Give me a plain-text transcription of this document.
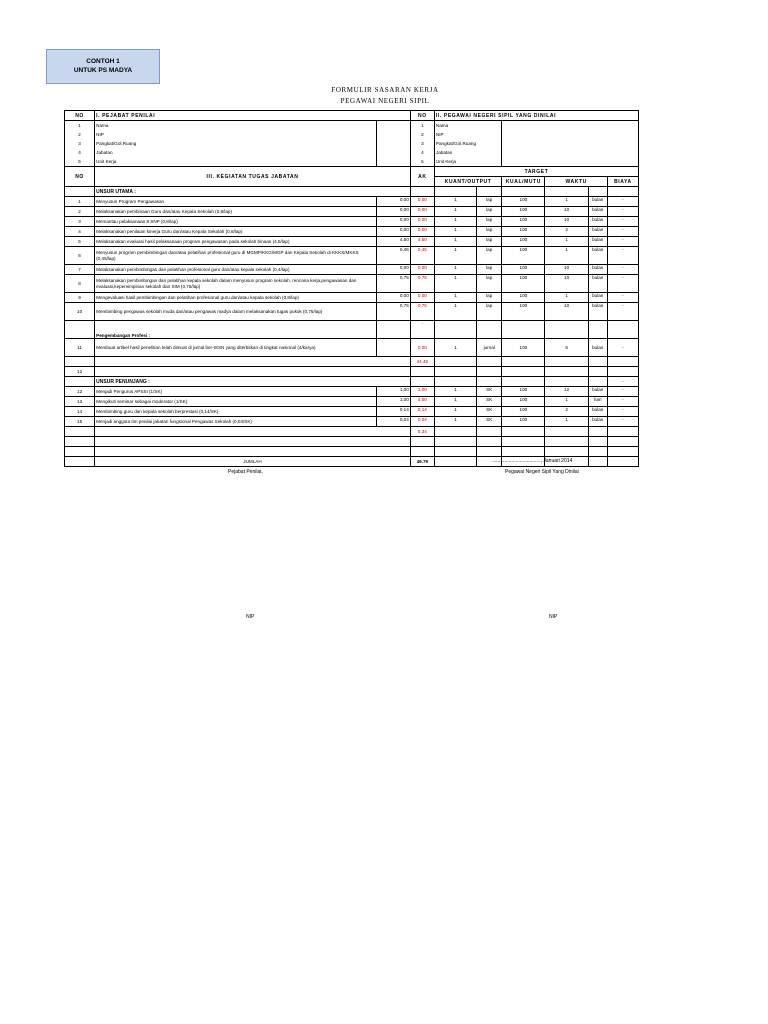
CONTOH 1
UNTUK PS MADYA
FORMULIR SASARAN KERJA
PEGAWAI NEGERI SIPIL
NO	I. PEJABAT PENILAI		NO	II. PEGAWAI NEGERI SIPIL YANG DINILAI					
1	Nama		1	Nama					
2	NIP		2	NIP					
3	Pangkat/Gol.Ruang		3	Pangkat/Gol.Ruang					
4	Jabatan		4	Jabatan					
5	Unit Kerja		5	Unit Kerja					
NO	III. KEGIATAN TUGAS JABATAN		AK	TARGET					
				KUANT/OUTPUT		KUAL/MUTU	WAKTU		BIAYA
	UNSUR UTAMA :								
1	Menyusun Program Pengawasan	0,00	0,00	1	lap	100	1	bulan	-
2	Melaksanakan pembinaan Guru dan/atau Kepala Sekolah (0,8/lap)	0,00	0,00	1	lap	100	10	bulan	-
3	Memantau pelaksanaan 8 SNP (0,8/lap)	0,00	0,00	1	lap	100	10	bulan	-
4	Melaksanakan penilaian kinerja Guru dan/atau Kepala Sekolah (0,8/lap)	0,00	0,00	1	lap	100	2	bulan	-
5	Melaksanakan evaluasi hasil pelaksanaan program pengawasan pada sekolah binaan (4,5/lap)	4,50	4,50	1	lap	100	1	bulan	-
6	Menyusun program pembimbingan dan/atau pelatihan profesional guru di MGMP/KKG/MGP dan Kepala Sekolah di KKKS/MKKS (0,45/lap)	0,45	0,45	1	lap	100	1	bulan	-
7	Melaksanakan pembimbingan dan pelatihan profesional guru dan/atau kepala sekolah (0,4/lap)	0,00	0,00	1	lap	100	10	bulan	-
8	Melaksanakan pembimbingan dan pelatihan kepala sekolah dalam menyusun program sekolah, rencana kerja,pengawasan dan evaluasi,kepemimpinan sekolah dan SIM (0,75/lap)	0,75	0,75	1	lap	100	10	bulan	-
9	Mengevaluasi hasil pembimbingan dan pelatihan profesional guru dan/atau kepala sekolah (0,8/lap)	0,00	0,00	1	lap	100	1	bulan	-
10	Membimbing pengawas sekolah muda dan/atau pengawas madya dalam melaksanakan tugas pokok (0,75/lap)	0,75	0,75	1	lap	100	10	bulan	-
	Pengembangan Profesi :		-						
11	Membuat artikel hasil penelitian telah dimuat di jurnal ber-ISSN yang diterbitkan di tingkat nasional (4/karya)		0,00	1	jurnal	100	6	bulan	-
			44,45						
12									
	UNSUR PENUNJANG :								-
12	Menjadi Pengurus APSSI (1/SK)	1,00	1,00	1	SK	100	12	bulan	-
13	Mengikuti seminar sebagai moderator (1/SK)	1,00	4,00	1	SK	100	1	hari	-
14	Membimbing guru dan kepala sekolah berprestasi (0,14/SK)	0,14	0,14	1	SK	100	2	bulan	-
15	Menjadi anggota tim penilai jabatan fungsional Pengawas Sekolah (0,04/SK)	0,04	0,04	1	SK	100	1	bulan	-
			5,34						

	JUMLAH		49.79							..................................., Januari 2014
Pejabat Penilai,	Pegawai Negeri Sipil Yang Dinilai
NIP	NIP
